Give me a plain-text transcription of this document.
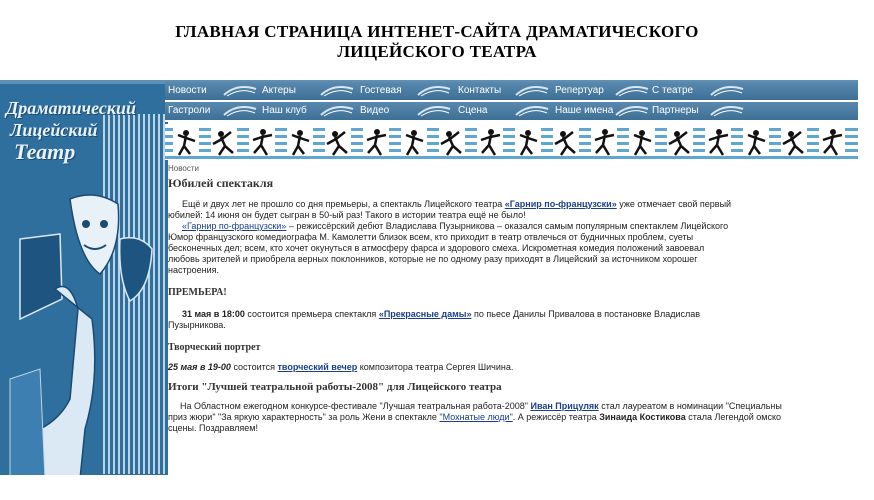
ГЛАВНАЯ СТРАНИЦА ИНТЕНЕТ-САЙТА ДРАМАТИЧЕСКОГО
ЛИЦЕЙСКОГО ТЕАТРА
Драматический
Лицейский
Театр
Новости	Актеры	Гостевая	Контакты	Репертуар	С театре
Гастроли	Наш клуб	Видео	Сцена	Наше имена	Партнеры

Новости

Юбилей спектакля

Ещё и двух лет не прошло со дня премьеры, а спектакль Лицейского театра «Гарнир по-французски» уже отмечает свой первый

юбилей: 14 июня он будет сыгран в 50-ый раз! Такого в истории театра ещё не было!

«Гарнир по-французски» – режиссёрский дебют Владислава Пузырникова – оказался самым популярным спектаклем Лицейского

Юмор французского комедиографа М. Камолетти близок всем, кто приходит в театр отвлечься от будничных проблем, суеты

бесконечных дел; всем, кто хочет окунуться в атмосферу фарса и здорового смеха. Искрометная комедия положений завоевал

любовь зрителей и приобрела верных поклонников, которые не по одному разу приходят в Лицейский за источником хорошег

настроения.

ПРЕМЬЕРА!

31 мая в 18:00 состоится премьера спектакля «Прекрасные дамы» по пьесе Данилы Привалова в постановке Владислав

Пузырникова.

Творческий портрет

25 мая в 19-00 состоится творческий вечер композитора театра Сергея Шичина.

Итоги "Лучшей театральной работы-2008" для Лицейского театра

На Областном ежегодном конкурсе-фестивале "Лучшая театральная работа-2008" Иван Прицуляк стал лауреатом в номинации "Специальны

приз жюри" "За яркую характерность" за роль Жени в спектакле "Мохнатые люди". А режиссёр театра Зинаида Костикова стала Легендой омско

сцены. Поздравляем!
